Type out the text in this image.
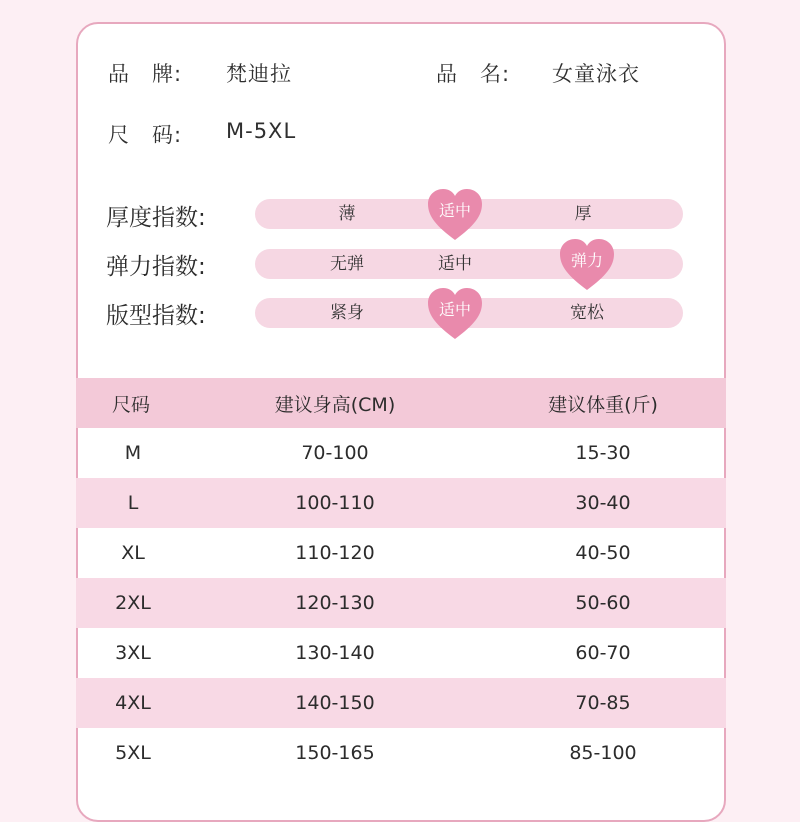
品　牌: 梵迪拉	品　名: 女童泳衣
尺　码: M-5XL
厚度指数:	薄	厚
适中
弹力指数:	无弹	适中	弹力
版型指数:	紧身	宽松
适中
尺码	建议身高(CM)	建议体重(斤)
M	70-100	15-30
L	100-110	30-40
XL	110-120	40-50
2XL	120-130	50-60
3XL	130-140	60-70
4XL	140-150	70-85
5XL	150-165	85-100
